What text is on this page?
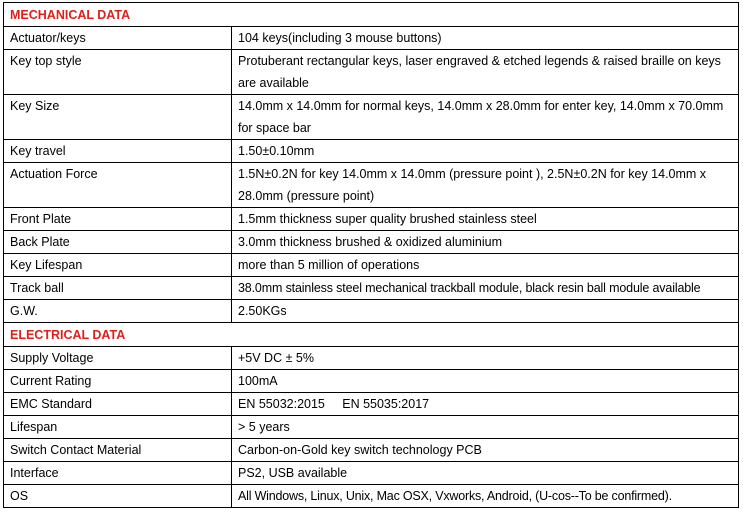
MECHANICAL DATA	
Actuator/keys	104 keys(including 3 mouse buttons)
Key top style	Protuberant rectangular keys, laser engraved & etched legends & raised braille on keys are available
Key Size	14.0mm x 14.0mm for normal keys, 14.0mm x 28.0mm for enter key, 14.0mm x 70.0mm for space bar
Key travel	1.50±0.10mm
Actuation Force	1.5N±0.2N for key 14.0mm x 14.0mm (pressure point ), 2.5N±0.2N for key 14.0mm x 28.0mm (pressure point)
Front Plate	1.5mm thickness super quality brushed stainless steel
Back Plate	3.0mm thickness brushed & oxidized aluminium
Key Lifespan	more than 5 million of operations
Track ball	38.0mm stainless steel mechanical trackball module, black resin ball module available
G.W.	2.50KGs
ELECTRICAL DATA	
Supply Voltage	+5V DC ± 5%
Current Rating	100mA
EMC Standard	EN 55032:2015     EN 55035:2017
Lifespan	> 5 years
Switch Contact Material	Carbon-on-Gold key switch technology PCB
Interface	PS2, USB available
OS	All Windows, Linux, Unix, Mac OSX, Vxworks, Android, (U-cos--To be confirmed).
